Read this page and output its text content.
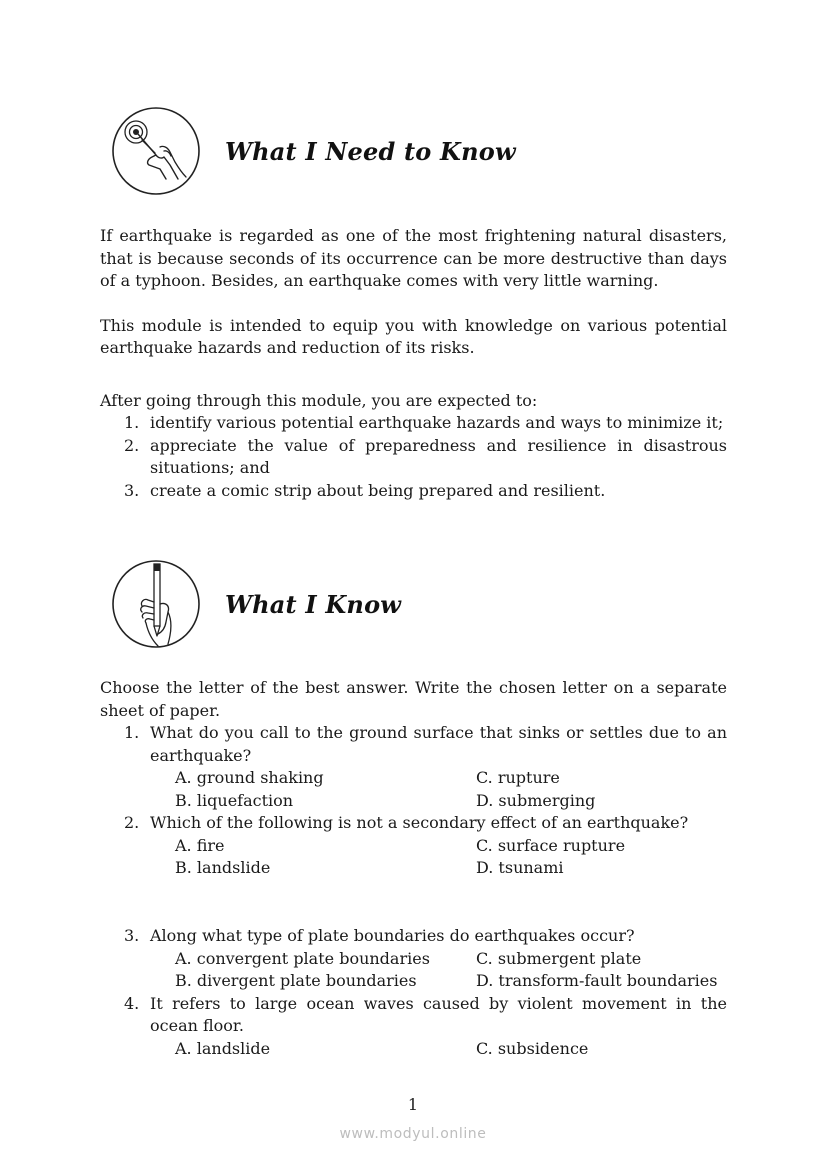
What I Need to Know

If earthquake is regarded as one of the most frightening natural disasters, that is because seconds of its occurrence can be more destructive than days of a typhoon. Besides, an earthquake comes with very little warning.

This module is intended to equip you with knowledge on various potential earthquake hazards and reduction of its risks.

After going through this module, you are expected to:

1. identify various potential earthquake hazards and ways to minimize it;
2. appreciate the value of preparedness and resilience in disastrous situations; and
3. create a comic strip about being prepared and resilient.
What I Know

Choose the letter of the best answer. Write the chosen letter on a separate sheet of paper.

1. What do you call to the ground surface that sinks or settles due to an earthquake?
A. ground shaking	C. rupture
B. liquefaction	D. submerging
2. Which of the following is not a secondary effect of an earthquake?
A. fire	C. surface rupture
B. landslide	D. tsunami
3. Along what type of plate boundaries do earthquakes occur?
A. convergent plate boundaries	C. submergent plate
B. divergent plate boundaries	D. transform-fault boundaries
4. It refers to large ocean waves caused by violent movement in the ocean floor.
A. landslide	C. subsidence
1
www.modyul.online
